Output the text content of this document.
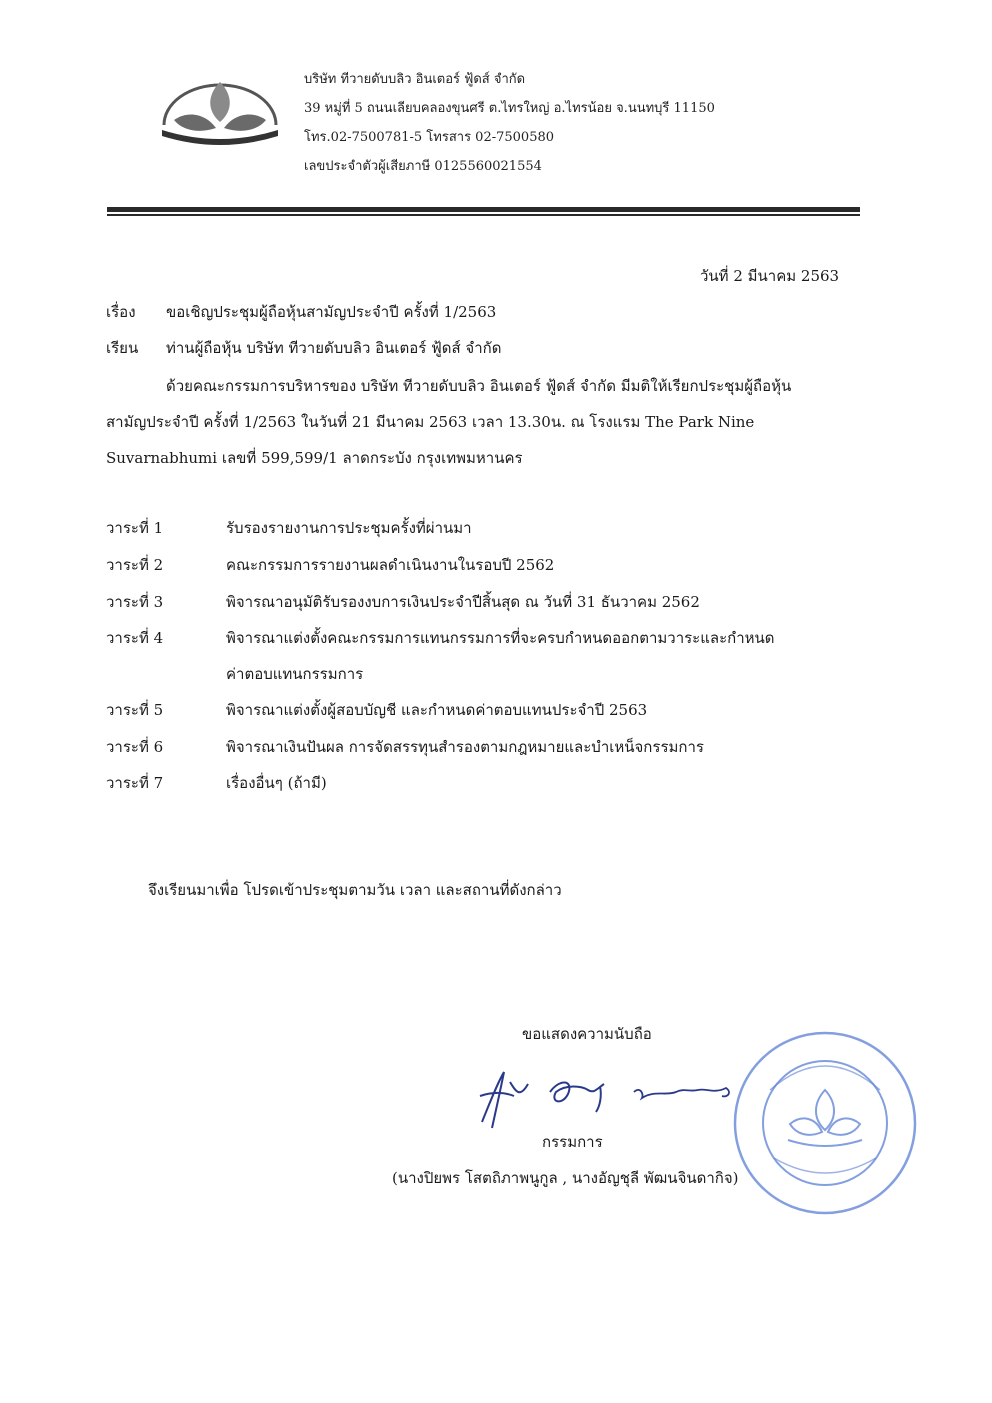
บริษัท ทีวายดับบลิว อินเตอร์ ฟู้ดส์ จำกัด
39 หมู่ที่ 5 ถนนเลียบคลองขุนศรี ต.ไทรใหญ่ อ.ไทรน้อย จ.นนทบุรี 11150
โทร.02-7500781-5 โทรสาร 02-7500580
เลขประจำตัวผู้เสียภาษี 0125560021554
วันที่ 2 มีนาคม 2563
เรื่อง ขอเชิญประชุมผู้ถือหุ้นสามัญประจำปี ครั้งที่ 1/2563
เรียน ท่านผู้ถือหุ้น บริษัท ทีวายดับบลิว อินเตอร์ ฟู้ดส์ จำกัด
ด้วยคณะกรรมการบริหารของ บริษัท ทีวายดับบลิว อินเตอร์ ฟู้ดส์ จำกัด มีมติให้เรียกประชุมผู้ถือหุ้น
สามัญประจำปี ครั้งที่ 1/2563 ในวันที่ 21 มีนาคม 2563 เวลา 13.30น. ณ โรงแรม The Park Nine
Suvarnabhumi เลขที่ 599,599/1 ลาดกระบัง กรุงเทพมหานคร
วาระที่ 1	รับรองรายงานการประชุมครั้งที่ผ่านมา
วาระที่ 2	คณะกรรมการรายงานผลดำเนินงานในรอบปี 2562
วาระที่ 3	พิจารณาอนุมัติรับรองงบการเงินประจำปีสิ้นสุด ณ วันที่ 31 ธันวาคม 2562
วาระที่ 4	พิจารณาแต่งตั้งคณะกรรมการแทนกรรมการที่จะครบกำหนดออกตามวาระและกำหนด
ค่าตอบแทนกรรมการ
วาระที่ 5	พิจารณาแต่งตั้งผู้สอบบัญชี และกำหนดค่าตอบแทนประจำปี 2563
วาระที่ 6	พิจารณาเงินปันผล การจัดสรรทุนสำรองตามกฎหมายและบำเหน็จกรรมการ
วาระที่ 7	เรื่องอื่นๆ (ถ้ามี)
จึงเรียนมาเพื่อ โปรดเข้าประชุมตามวัน เวลา และสถานที่ดังกล่าว
ขอแสดงความนับถือ
กรรมการ
(นางปิยพร โสตถิภาพนูกูล , นางอัญชุลี พัฒนจินดากิจ)
